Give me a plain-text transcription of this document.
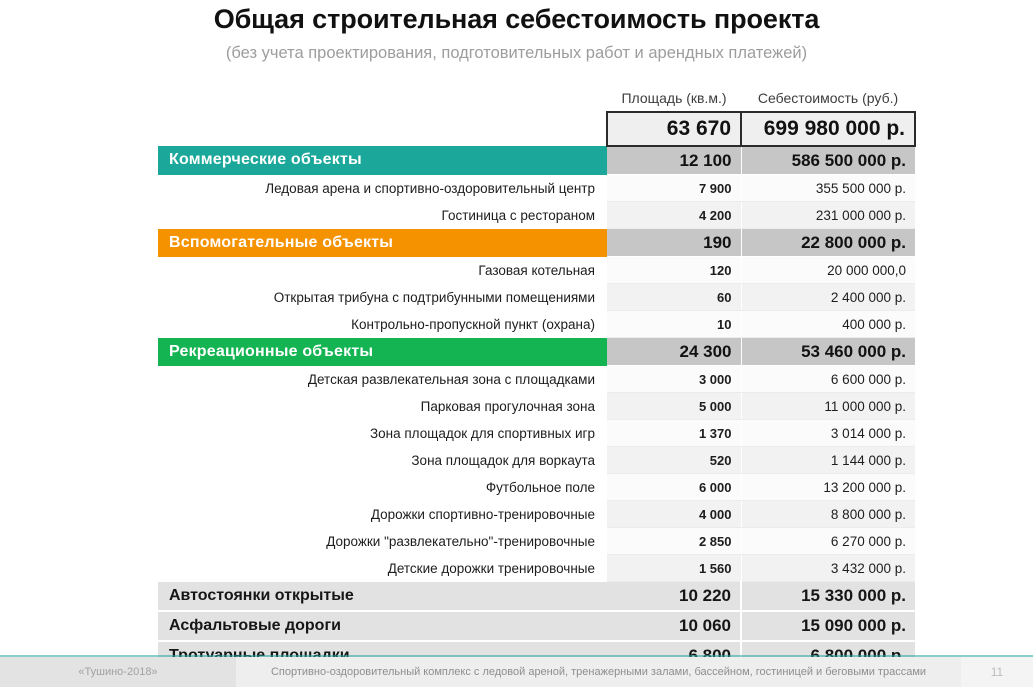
Общая строительная себестоимость проекта

(без учета проектирования, подготовительных работ и арендных платежей)

	Площадь (кв.м.)	Себестоимость (руб.)
	63 670	699 980 000 р.
Коммерческие объекты	12 100	586 500 000 р.
Ледовая арена и спортивно-оздоровительный центр	7 900	355 500 000 р.
Гостиница с рестораном	4 200	231 000 000 р.
Вспомогательные объекты	190	22 800 000 р.
Газовая котельная	120	20 000 000,0
Открытая трибуна с подтрибунными помещениями	60	2 400 000 р.
Контрольно-пропускной пункт (охрана)	10	400 000 р.
Рекреационные объекты	24 300	53 460 000 р.
Детская развлекательная зона с площадками	3 000	6 600 000 р.
Парковая прогулочная зона	5 000	11 000 000 р.
Зона площадок для спортивных игр	1 370	3 014 000 р.
Зона площадок для воркаута	520	1 144 000 р.
Футбольное поле	6 000	13 200 000 р.
Дорожки спортивно-тренировочные	4 000	8 800 000 р.
Дорожки "развлекательно"-тренировочные	2 850	6 270 000 р.
Детские дорожки тренировочные	1 560	3 432 000 р.
Автостоянки открытые	10 220	15 330 000 р.
Асфальтовые дороги	10 060	15 090 000 р.

«Тушино-2018»	Спортивно-оздоровительный комплекс с ледовой ареной, тренажерными залами, бассейном, гостиницей и беговыми трассами	11
